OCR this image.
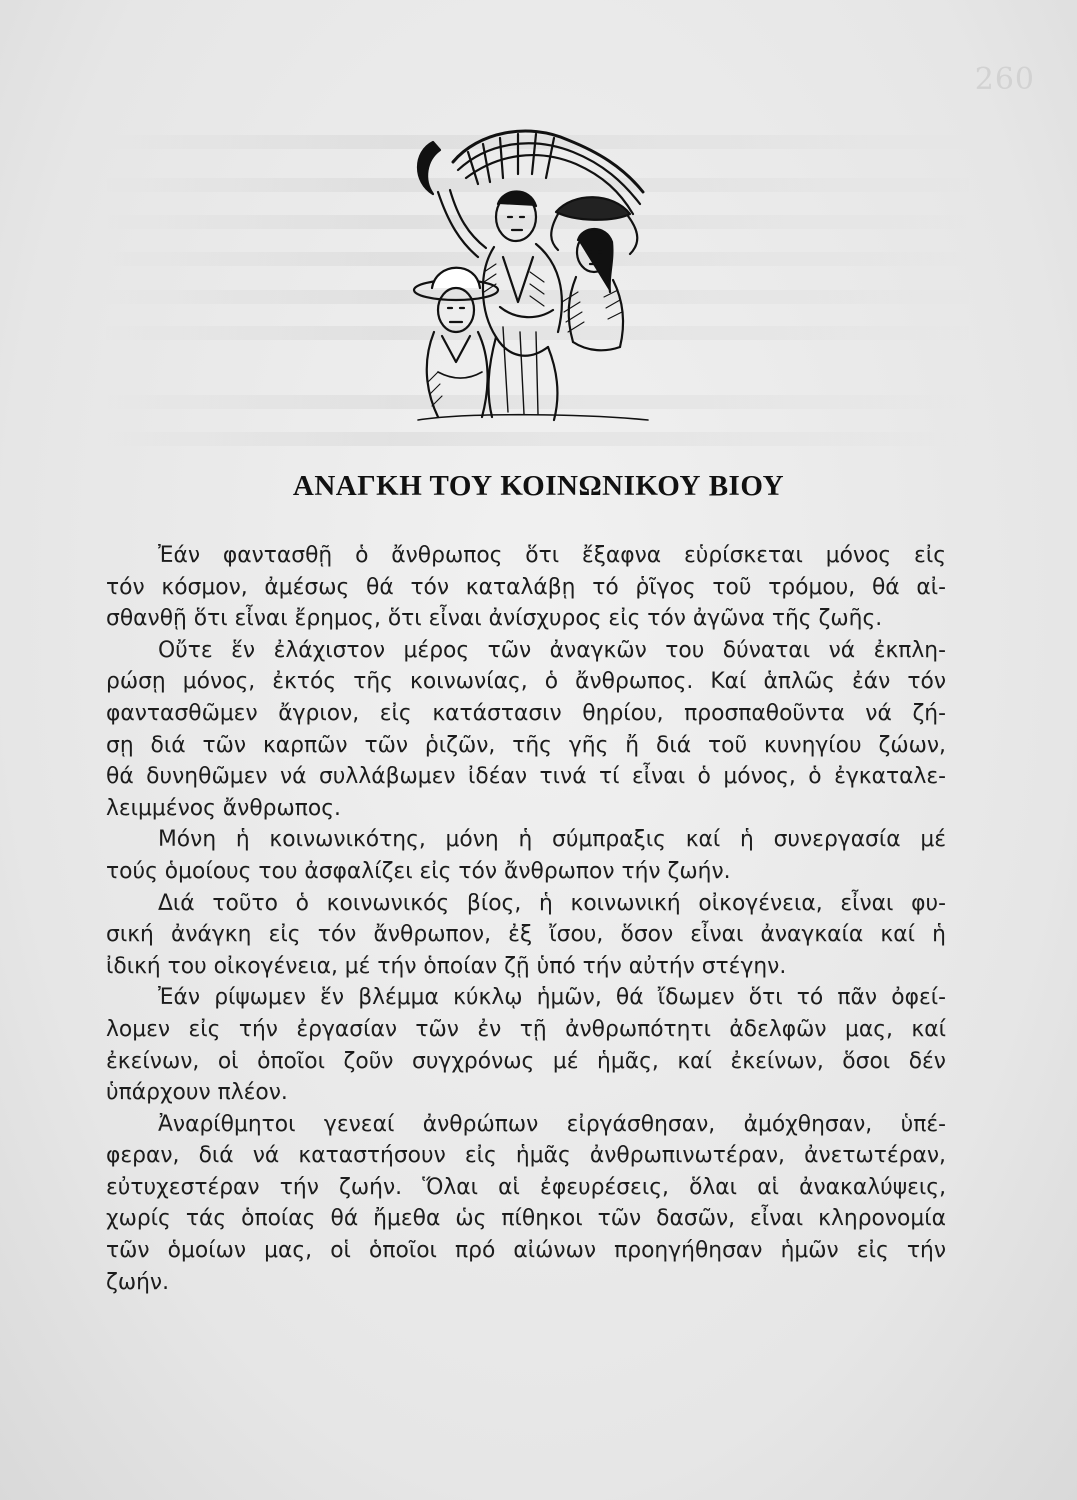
260
ΑΝΑΓΚΗ ΤΟΥ ΚΟΙΝΩΝΙΚΟΥ ΒΙΟΥ

Ἐάν φαντασθῇ ὁ ἄνθρωπος ὅτι ἔξαφνα εὑρίσκεται μόνος εἰς
τόν κόσμον, ἀμέσως θά τόν καταλάβῃ τό ῥῖγος τοῦ τρόμου, θά αἰ-
σθανθῇ ὅτι εἶναι ἔρημος, ὅτι εἶναι ἀνίσχυρος εἰς τόν ἀγῶνα τῆς ζωῆς.

Οὔτε ἕν ἐλάχιστον μέρος τῶν ἀναγκῶν του δύναται νά ἐκπλη-
ρώσῃ μόνος, ἐκτός τῆς κοινωνίας, ὁ ἄνθρωπος. Καί ἁπλῶς ἐάν τόν
φαντασθῶμεν ἄγριον, εἰς κατάστασιν θηρίου, προσπαθοῦντα νά ζή-
σῃ διά τῶν καρπῶν τῶν ῥιζῶν, τῆς γῆς ἤ διά τοῦ κυνηγίου ζώων,
θά δυνηθῶμεν νά συλλάβωμεν ἰδέαν τινά τί εἶναι ὁ μόνος, ὁ ἐγκαταλε-
λειμμένος ἄνθρωπος.

Μόνη ἡ κοινωνικότης, μόνη ἡ σύμπραξις καί ἡ συνεργασία μέ
τούς ὁμοίους του ἀσφαλίζει εἰς τόν ἄνθρωπον τήν ζωήν.

Διά τοῦτο ὁ κοινωνικός βίος, ἡ κοινωνική οἰκογένεια, εἶναι φυ-
σική ἀνάγκη εἰς τόν ἄνθρωπον, ἐξ ἴσου, ὅσον εἶναι ἀναγκαία καί ἡ
ἰδική του οἰκογένεια, μέ τήν ὁποίαν ζῇ ὑπό τήν αὐτήν στέγην.

Ἐάν ρίψωμεν ἕν βλέμμα κύκλῳ ἡμῶν, θά ἴδωμεν ὅτι τό πᾶν ὀφεί-
λομεν εἰς τήν ἐργασίαν τῶν ἐν τῇ ἀνθρωπότητι ἀδελφῶν μας, καί
ἐκείνων, οἱ ὁποῖοι ζοῦν συγχρόνως μέ ἡμᾶς, καί ἐκείνων, ὅσοι δέν
ὑπάρχουν πλέον.

Ἀναρίθμητοι γενεαί ἀνθρώπων εἰργάσθησαν, ἀμόχθησαν, ὑπέ-
φεραν, διά νά καταστήσουν εἰς ἡμᾶς ἀνθρωπινωτέραν, ἀνετωτέραν,
εὐτυχεστέραν τήν ζωήν. Ὅλαι αἱ ἐφευρέσεις, ὅλαι αἱ ἀνακαλύψεις,
χωρίς τάς ὁποίας θά ἤμεθα ὡς πίθηκοι τῶν δασῶν, εἶναι κληρονομία
τῶν ὁμοίων μας, οἱ ὁποῖοι πρό αἰώνων προηγήθησαν ἡμῶν εἰς τήν
ζωήν.
